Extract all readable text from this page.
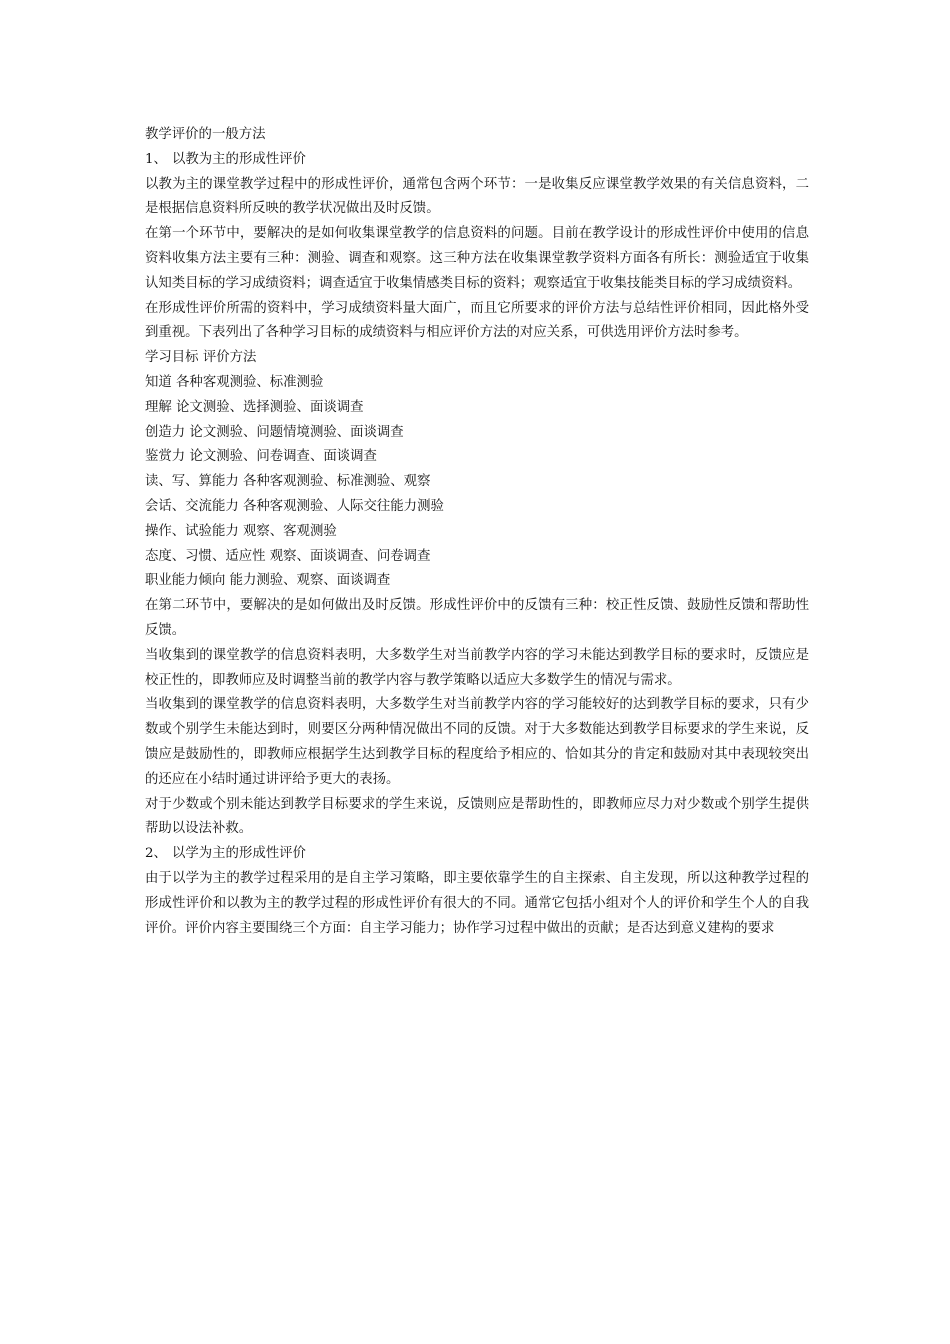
教学评价的一般方法

1、 以教为主的形成性评价

以教为主的课堂教学过程中的形成性评价，通常包含两个环节：一是收集反应课堂教学效果的有关信息资料，二是根据信息资料所反映的教学状况做出及时反馈。

在第一个环节中，要解决的是如何收集课堂教学的信息资料的问题。目前在教学设计的形成性评价中使用的信息资料收集方法主要有三种：测验、调查和观察。这三种方法在收集课堂教学资料方面各有所长：测验适宜于收集认知类目标的学习成绩资料；调查适宜于收集情感类目标的资料；观察适宜于收集技能类目标的学习成绩资料。

在形成性评价所需的资料中，学习成绩资料量大面广，而且它所要求的评价方法与总结性评价相同，因此格外受到重视。下表列出了各种学习目标的成绩资料与相应评价方法的对应关系，可供选用评价方法时参考。

学习目标 评价方法

知道 各种客观测验、标准测验

理解 论文测验、选择测验、面谈调查

创造力 论文测验、问题情境测验、面谈调查

鉴赏力 论文测验、问卷调查、面谈调查

读、写、算能力 各种客观测验、标准测验、观察

会话、交流能力 各种客观测验、人际交往能力测验

操作、试验能力 观察、客观测验

态度、习惯、适应性 观察、面谈调查、问卷调查

职业能力倾向 能力测验、观察、面谈调查

在第二环节中，要解决的是如何做出及时反馈。形成性评价中的反馈有三种：校正性反馈、鼓励性反馈和帮助性反馈。

当收集到的课堂教学的信息资料表明，大多数学生对当前教学内容的学习未能达到教学目标的要求时，反馈应是校正性的，即教师应及时调整当前的教学内容与教学策略以适应大多数学生的情况与需求。

当收集到的课堂教学的信息资料表明，大多数学生对当前教学内容的学习能较好的达到教学目标的要求，只有少数或个别学生未能达到时，则要区分两种情况做出不同的反馈。对于大多数能达到教学目标要求的学生来说，反馈应是鼓励性的，即教师应根据学生达到教学目标的程度给予相应的、恰如其分的肯定和鼓励对其中表现较突出的还应在小结时通过讲评给予更大的表扬。

对于少数或个别未能达到教学目标要求的学生来说，反馈则应是帮助性的，即教师应尽力对少数或个别学生提供帮助以设法补救。

2、 以学为主的形成性评价

由于以学为主的教学过程采用的是自主学习策略，即主要依靠学生的自主探索、自主发现，所以这种教学过程的形成性评价和以教为主的教学过程的形成性评价有很大的不同。通常它包括小组对个人的评价和学生个人的自我评价。评价内容主要围绕三个方面：自主学习能力；协作学习过程中做出的贡献；是否达到意义建构的要求
